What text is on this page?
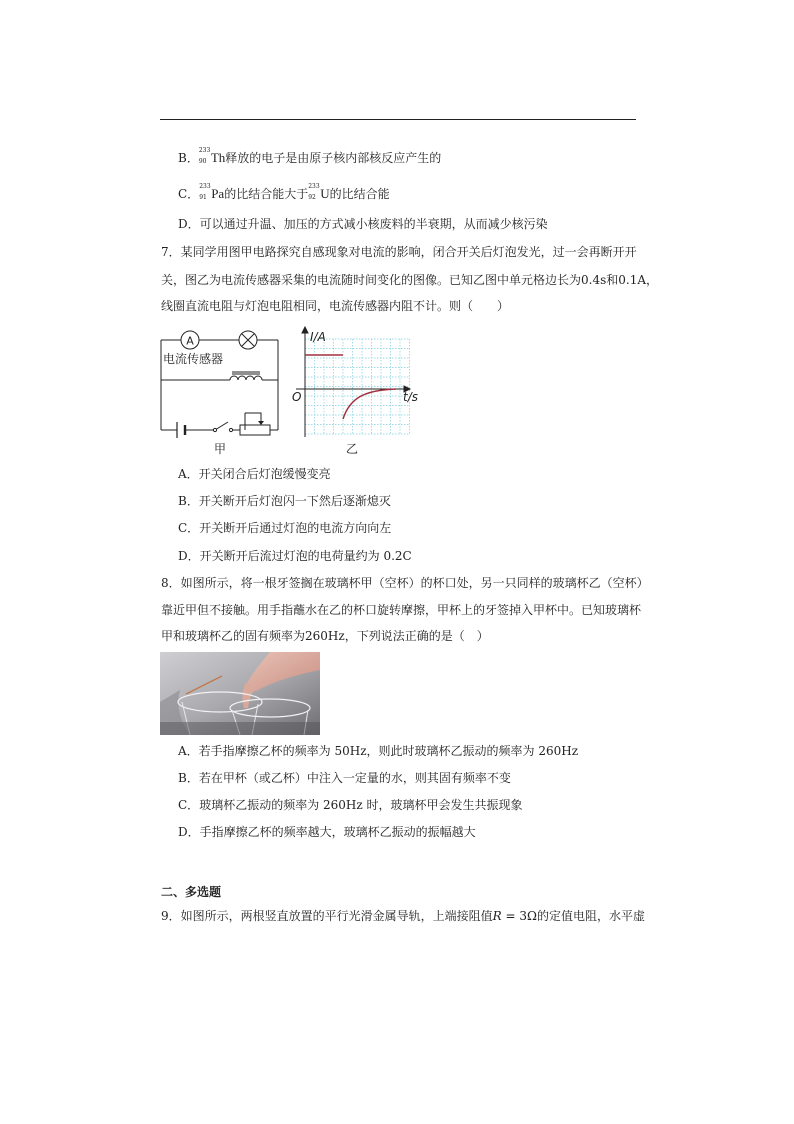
B．
233
90 Th释放的电子是由原子核内部核反应产生的
C．
233
91 Pa的比结合能大于
233
92 U的比结合能
D．可以通过升温、加压的方式减小核废料的半衰期，从而减少核污染
7．某同学用图甲电路探究自感现象对电流的影响，闭合开关后灯泡发光，过一会再断开开
关，图乙为电流传感器采集的电流随时间变化的图像。已知乙图中单元格边长为0.4s和0.1A，
线圈直流电阻与灯泡电阻相同，电流传感器内阻不计。则（　　）
A
电流传感器
甲
I/A
t/s
O
乙
A．开关闭合后灯泡缓慢变亮
B．开关断开后灯泡闪一下然后逐渐熄灭
C．开关断开后通过灯泡的电流方向向左
D．开关断开后流过灯泡的电荷量约为 0.2C
8．如图所示，将一根牙签搁在玻璃杯甲（空杯）的杯口处，另一只同样的玻璃杯乙（空杯）
靠近甲但不接触。用手指蘸水在乙的杯口旋转摩擦，甲杯上的牙签掉入甲杯中。已知玻璃杯
甲和玻璃杯乙的固有频率为260Hz，下列说法正确的是（　）
A．若手指摩擦乙杯的频率为 50Hz，则此时玻璃杯乙振动的频率为 260Hz
B．若在甲杯（或乙杯）中注入一定量的水，则其固有频率不变
C．玻璃杯乙振动的频率为 260Hz 时，玻璃杯甲会发生共振现象
D．手指摩擦乙杯的频率越大，玻璃杯乙振动的振幅越大
二、多选题
9．如图所示，两根竖直放置的平行光滑金属导轨，上端接阻值R = 3Ω的定值电阻，水平虚
